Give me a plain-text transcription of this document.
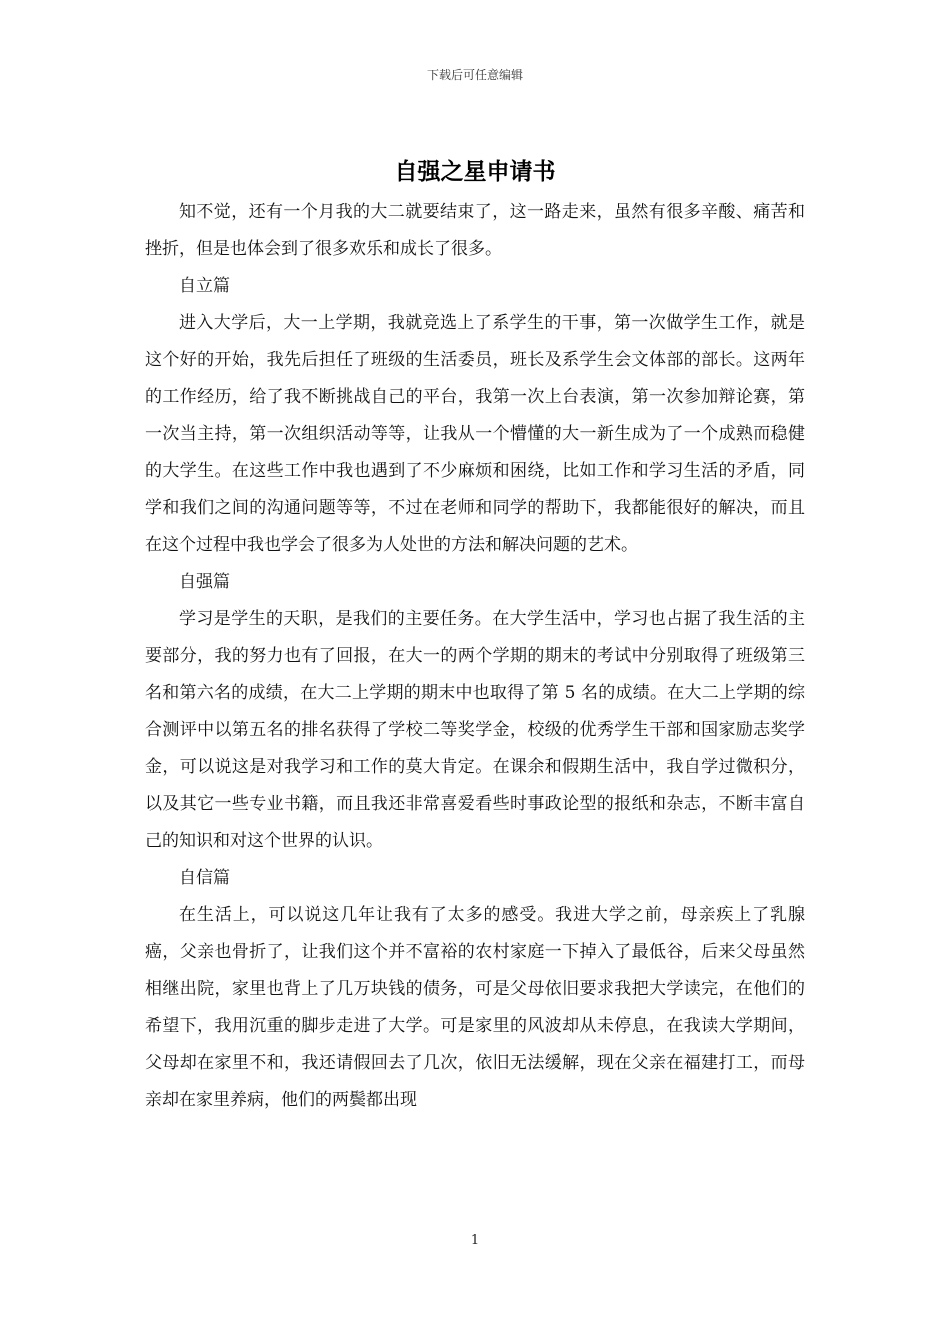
下载后可任意编辑
自强之星申请书

知不觉，还有一个月我的大二就要结束了，这一路走来，虽然有很多辛酸、痛苦和挫折，但是也体会到了很多欢乐和成长了很多。

自立篇

进入大学后，大一上学期，我就竞选上了系学生的干事，第一次做学生工作，就是这个好的开始，我先后担任了班级的生活委员，班长及系学生会文体部的部长。这两年的工作经历，给了我不断挑战自己的平台，我第一次上台表演，第一次参加辩论赛，第一次当主持，第一次组织活动等等，让我从一个懵懂的大一新生成为了一个成熟而稳健的大学生。在这些工作中我也遇到了不少麻烦和困绕，比如工作和学习生活的矛盾，同学和我们之间的沟通问题等等，不过在老师和同学的帮助下，我都能很好的解决，而且在这个过程中我也学会了很多为人处世的方法和解决问题的艺术。

自强篇

学习是学生的天职，是我们的主要任务。在大学生活中，学习也占据了我生活的主要部分，我的努力也有了回报，在大一的两个学期的期末的考试中分别取得了班级第三名和第六名的成绩，在大二上学期的期末中也取得了第 5 名的成绩。在大二上学期的综合测评中以第五名的排名获得了学校二等奖学金，校级的优秀学生干部和国家励志奖学金，可以说这是对我学习和工作的莫大肯定。在课余和假期生活中，我自学过微积分，以及其它一些专业书籍，而且我还非常喜爱看些时事政论型的报纸和杂志，不断丰富自己的知识和对这个世界的认识。

自信篇

在生活上，可以说这几年让我有了太多的感受。我进大学之前，母亲疾上了乳腺癌，父亲也骨折了，让我们这个并不富裕的农村家庭一下掉入了最低谷，后来父母虽然相继出院，家里也背上了几万块钱的债务，可是父母依旧要求我把大学读完，在他们的希望下，我用沉重的脚步走进了大学。可是家里的风波却从未停息，在我读大学期间，父母却在家里不和，我还请假回去了几次，依旧无法缓解，现在父亲在福建打工，而母亲却在家里养病，他们的两鬓都出现

1
